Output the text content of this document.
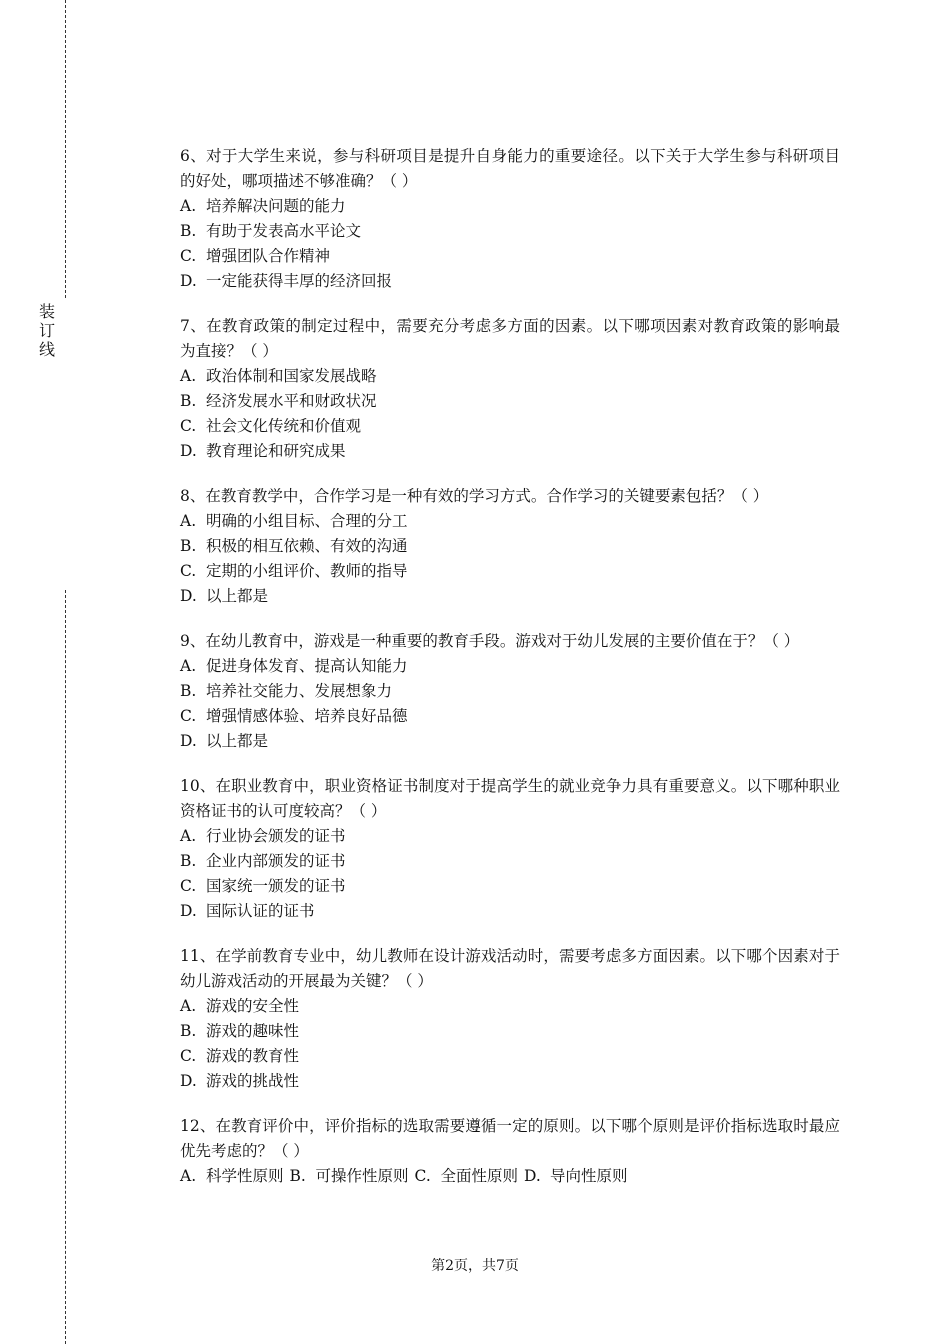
装订线

6、对于大学生来说，参与科研项目是提升自身能力的重要途径。以下关于大学生参与科研项目的好处，哪项描述不够准确？（ ）

A. 培养解决问题的能力

B. 有助于发表高水平论文

C. 增强团队合作精神

D. 一定能获得丰厚的经济回报

7、在教育政策的制定过程中，需要充分考虑多方面的因素。以下哪项因素对教育政策的影响最为直接？（ ）

A. 政治体制和国家发展战略

B. 经济发展水平和财政状况

C. 社会文化传统和价值观

D. 教育理论和研究成果

8、在教育教学中，合作学习是一种有效的学习方式。合作学习的关键要素包括？（ ）

A. 明确的小组目标、合理的分工

B. 积极的相互依赖、有效的沟通

C. 定期的小组评价、教师的指导

D. 以上都是

9、在幼儿教育中，游戏是一种重要的教育手段。游戏对于幼儿发展的主要价值在于？（ ）

A. 促进身体发育、提高认知能力

B. 培养社交能力、发展想象力

C. 增强情感体验、培养良好品德

D. 以上都是

10、在职业教育中，职业资格证书制度对于提高学生的就业竞争力具有重要意义。以下哪种职业资格证书的认可度较高？（ ）

A. 行业协会颁发的证书

B. 企业内部颁发的证书

C. 国家统一颁发的证书

D. 国际认证的证书

11、在学前教育专业中，幼儿教师在设计游戏活动时，需要考虑多方面因素。以下哪个因素对于幼儿游戏活动的开展最为关键？（ ）

A. 游戏的安全性

B. 游戏的趣味性

C. 游戏的教育性

D. 游戏的挑战性

12、在教育评价中，评价指标的选取需要遵循一定的原则。以下哪个原则是评价指标选取时最应优先考虑的？（ ）

A. 科学性原则 B. 可操作性原则 C. 全面性原则 D. 导向性原则

第2页，共7页
